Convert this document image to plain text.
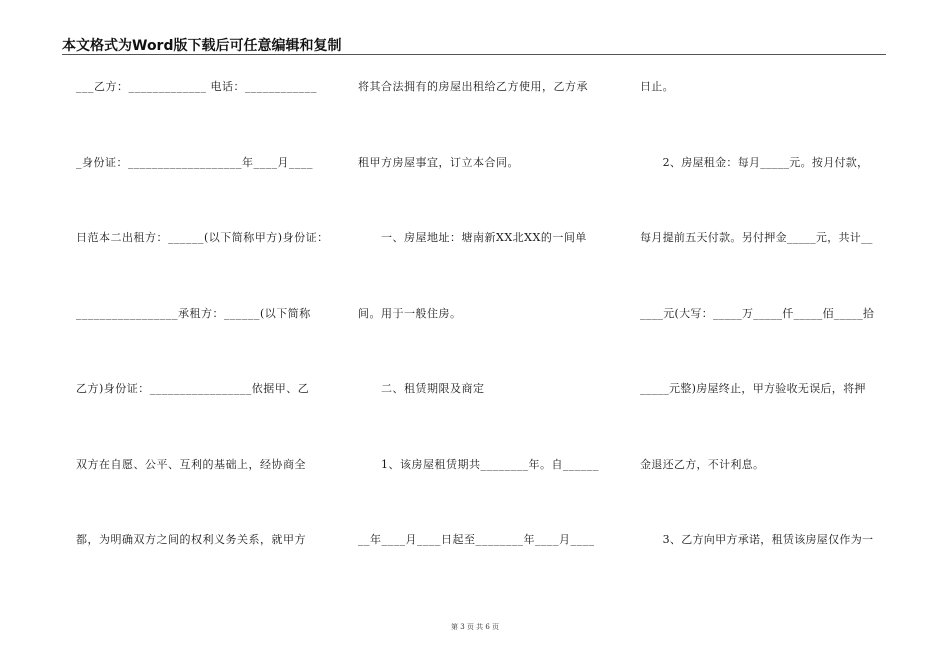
本文格式为Word版下载后可任意编辑和复制
___乙方：_____________ 电话：____________
_身份证：___________________年____月____
日范本二出租方：______(以下简称甲方)身份证：
_________________承租方：______(以下简称
乙方)身份证：_________________依据甲、乙
双方在自愿、公平、互利的基础上，经协商全
都，为明确双方之间的权利义务关系，就甲方
将其合法拥有的房屋出租给乙方使用，乙方承
租甲方房屋事宜，订立本合同。
　　一、房屋地址：塘南新XX北XX的一间单
间。用于一般住房。
　　二、租赁期限及商定
　　1、该房屋租赁期共________年。自______
__年____月____日起至________年____月____
日止。
　　2、房屋租金：每月_____元。按月付款，
每月提前五天付款。另付押金_____元，共计__
____元(大写：_____万_____仟_____佰_____拾
_____元整)房屋终止，甲方验收无误后，将押
金退还乙方，不计利息。
　　3、乙方向甲方承诺，租赁该房屋仅作为一
第 3 页 共 6 页
